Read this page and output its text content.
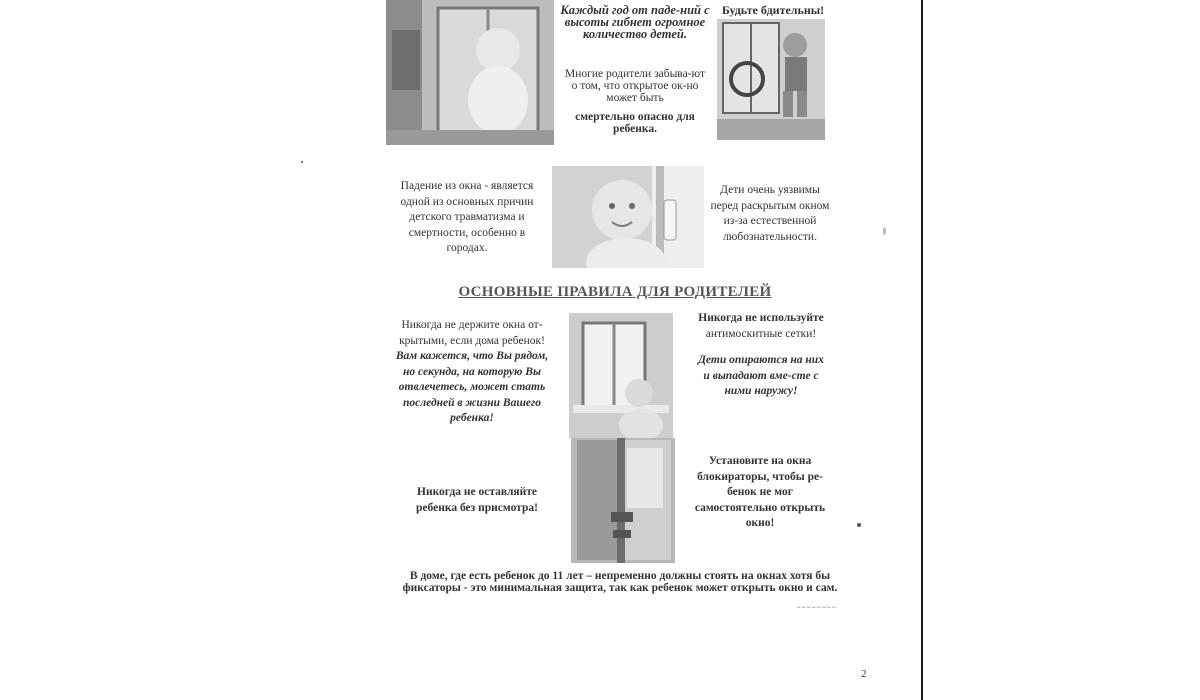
Каждый год от паде-ний с высоты гибнет огромное количество детей.

Многие родители забыва-ют о том, что открытое ок-но может быть

смертельно опасно для ребенка.

Будьте бдительны!

Падение из окна - является одной из основных причин детского травматизма и смертности, особенно в городах.

Дети очень уязвимы перед раскрытым окном из-за естественной любознательности.

ОСНОВНЫЕ ПРАВИЛА ДЛЯ РОДИТЕЛЕЙ

Никогда не держите окна от-крытыми, если дома ребенок!

Вам кажется, что Вы рядом, но секунда, на которую Вы отвлечетесь, может стать последней в жизни Вашего ребенка!

Никогда не оставляйте ребенка без присмотра!

Никогда не используйте

антимоскитные сетки!

Дети опираются на них и выпадают вме-сте с ними наружу!

Установите на окна блокираторы, чтобы ре-бенок не мог самостоятельно открыть окно!

В доме, где есть ребенок до 11 лет – непременно должны стоять на окнах хотя бы фиксаторы - это минимальная защита, так как ребенок может открыть окно и сам.

∼∼∼∼∼∼∼∼
2
